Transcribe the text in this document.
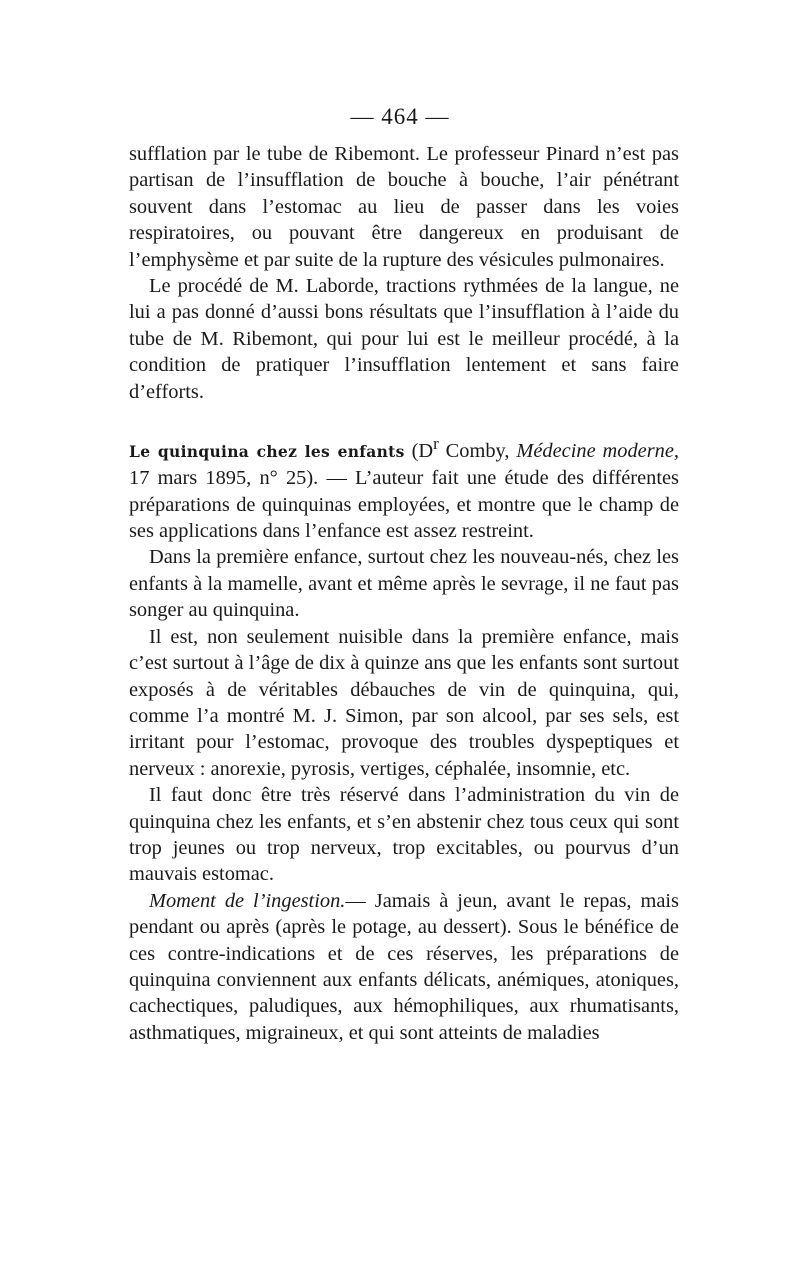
— 464 —

sufflation par le tube de Ribemont. Le professeur Pinard n’est pas partisan de l’insufflation de bouche à bouche, l’air pénétrant souvent dans l’estomac au lieu de passer dans les voies respiratoires, ou pouvant être dangereux en produisant de l’emphysème et par suite de la rupture des vésicules pulmonaires.

Le procédé de M. Laborde, tractions rythmées de la langue, ne lui a pas donné d’aussi bons résultats que l’insufflation à l’aide du tube de M. Ribemont, qui pour lui est le meilleur procédé, à la condition de pratiquer l’insufflation lentement et sans faire d’efforts.

Le quinquina chez les enfants ($D^r$ Comby, Médecine moderne, 17 mars 1895, n° 25). — L’auteur fait une étude des différentes préparations de quinquinas employées, et montre que le champ de ses applications dans l’enfance est assez restreint.

Dans la première enfance, surtout chez les nouveau-nés, chez les enfants à la mamelle, avant et même après le sevrage, il ne faut pas songer au quinquina.

Il est, non seulement nuisible dans la première enfance, mais c’est surtout à l’âge de dix à quinze ans que les enfants sont surtout exposés à de véritables débauches de vin de quinquina, qui, comme l’a montré M. J. Simon, par son alcool, par ses sels, est irritant pour l’estomac, provoque des troubles dyspeptiques et nerveux : anorexie, pyrosis, vertiges, céphalée, insomnie, etc.

Il faut donc être très réservé dans l’administration du vin de quinquina chez les enfants, et s’en abstenir chez tous ceux qui sont trop jeunes ou trop nerveux, trop excitables, ou pourvus d’un mauvais estomac.

Moment de l’ingestion.— Jamais à jeun, avant le repas, mais pendant ou après (après le potage, au dessert). Sous le bénéfice de ces contre-indications et de ces réserves, les préparations de quinquina conviennent aux enfants délicats, anémiques, atoniques, cachectiques, paludiques, aux hémophiliques, aux rhumatisants, asthmatiques, migraineux, et qui sont atteints de maladies
